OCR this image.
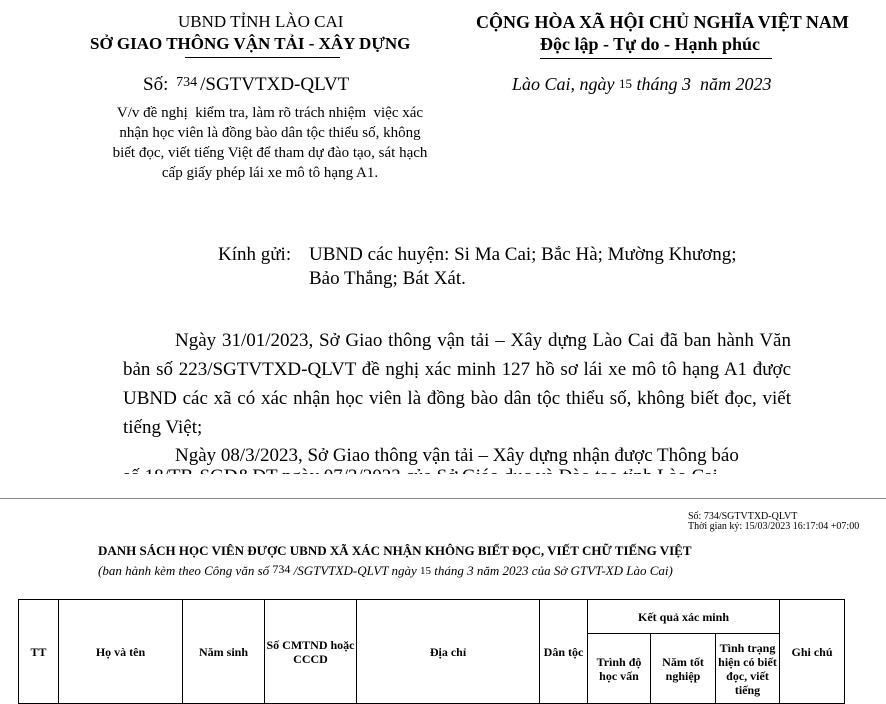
UBND TỈNH LÀO CAI
SỞ GIAO THÔNG VẬN TẢI - XÂY DỰNG
CỘNG HÒA XÃ HỘI CHỦ NGHĨA VIỆT NAM
Độc lập - Tự do - Hạnh phúc
Số: $^{734}$ /SGTVTXD-QLVT	Lào Cai, ngày 15 tháng 3  năm 2023
V/v đề nghị  kiểm tra, làm rõ trách nhiệm  việc xác
nhận học viên là đồng bào dân tộc thiểu số, không
biết đọc, viết tiếng Việt để tham dự đào tạo, sát hạch
cấp giấy phép lái xe mô tô hạng A1.
Kính gửi: UBND các huyện: Si Ma Cai; Bắc Hà; Mường Khương;
Bảo Thắng; Bát Xát.
Ngày 31/01/2023, Sở Giao thông vận tải – Xây dựng Lào Cai đã ban hành Văn bản số 223/SGTVTXD-QLVT đề nghị xác minh 127 hồ sơ lái xe mô tô hạng A1 được UBND các xã có xác nhận học viên là đồng bào dân tộc thiểu số, không biết đọc, viết tiếng Việt;
Ngày 08/3/2023, Sở Giao thông vận tải – Xây dựng nhận được Thông báo
Số: 734/SGTVTXD-QLVT
Thời gian ký: 15/03/2023 16:17:04 +07:00
DANH SÁCH HỌC VIÊN ĐƯỢC UBND XÃ XÁC NHẬN KHÔNG BIẾT ĐỌC, VIẾT CHỮ TIẾNG VIỆT
(ban hành kèm theo Công văn số 734 /SGTVTXD-QLVT ngày 15 tháng 3 năm 2023 của Sở GTVT-XD Lào Cai)
TT	Họ và tên	Năm sinh	Số CMTND hoặc CCCD	Địa chỉ	Dân tộc	Kết quả xác minh			Ghi chú
						Trình độ học vấn	Năm tốt nghiệp	Tình trạng hiện có biết đọc, viết tiếng	
